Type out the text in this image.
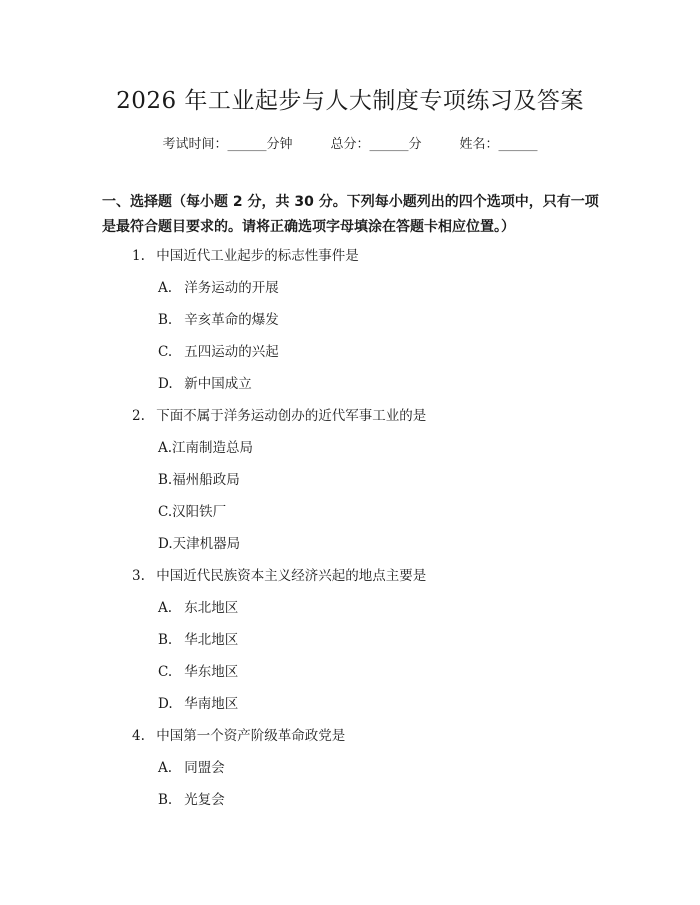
2026 年工业起步与人大制度专项练习及答案
考试时间：______分钟	总分：______分	姓名：______
一、选择题（每小题 2 分，共 30 分。下列每小题列出的四个选项中，只有一项是最符合题目要求的。请将正确选项字母填涂在答题卡相应位置。）
1. 中国近代工业起步的标志性事件是
A. 洋务运动的开展
B. 辛亥革命的爆发
C. 五四运动的兴起
D. 新中国成立
2. 下面不属于洋务运动创办的近代军事工业的是
A.江南制造总局
B.福州船政局
C.汉阳铁厂
D.天津机器局
3. 中国近代民族资本主义经济兴起的地点主要是
A. 东北地区
B. 华北地区
C. 华东地区
D. 华南地区
4. 中国第一个资产阶级革命政党是
A. 同盟会
B. 光复会
